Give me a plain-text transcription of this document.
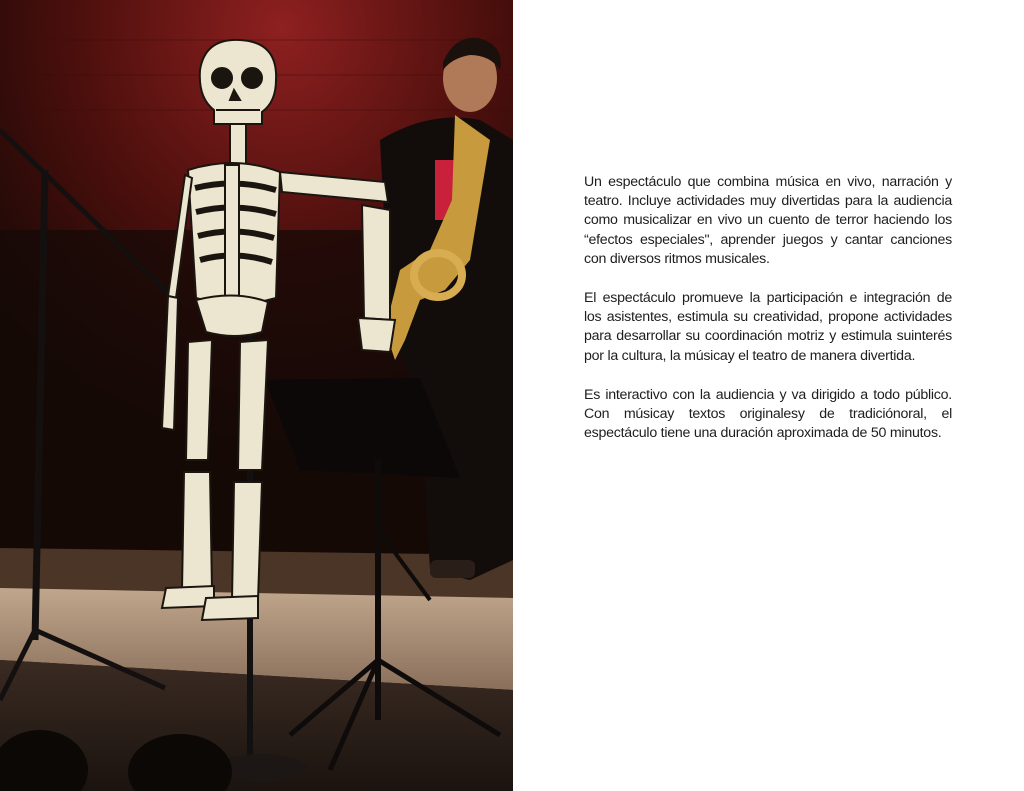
Un espectáculo que combina música en vivo, narración y teatro. Incluye actividades muy divertidas para la audiencia como musicalizar en vivo un cuento de terror haciendo los “efectos especiales", aprender juegos y cantar canciones con diversos ritmos musicales.

El espectáculo promueve la participación e integración de los asistentes, estimula su creatividad, propone actividades para desarrollar su coordinación motriz y estimula suinterés por la cultura, la músicay el teatro de manera divertida.

Es interactivo con la audiencia y va dirigido a todo público. Con músicay textos originalesy de tradiciónoral, el espectáculo tiene una duración aproximada de 50 minutos.
